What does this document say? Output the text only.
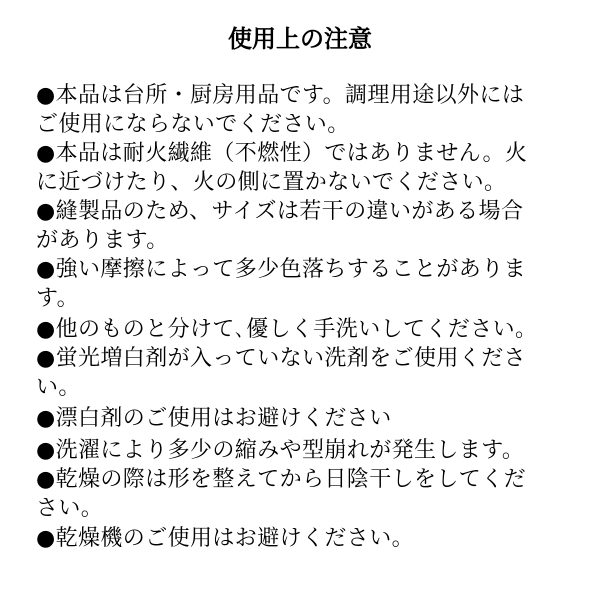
使用上の注意
●本品は台所・厨房用品です。調理用途以外には
ご使用にならないでください。
●本品は耐火繊維（不燃性）ではありません。火
に近づけたり、火の側に置かないでください。
●縫製品のため、サイズは若干の違いがある場合
があります。
●強い摩擦によって多少色落ちすることがありま
す。
●他のものと分けて､優しく手洗いしてください。
●蛍光増白剤が入っていない洗剤をご使用くださ
い。
●漂白剤のご使用はお避けください
●洗濯により多少の縮みや型崩れが発生します。
●乾燥の際は形を整えてから日陰干しをしてくだ
さい。
●乾燥機のご使用はお避けください。
